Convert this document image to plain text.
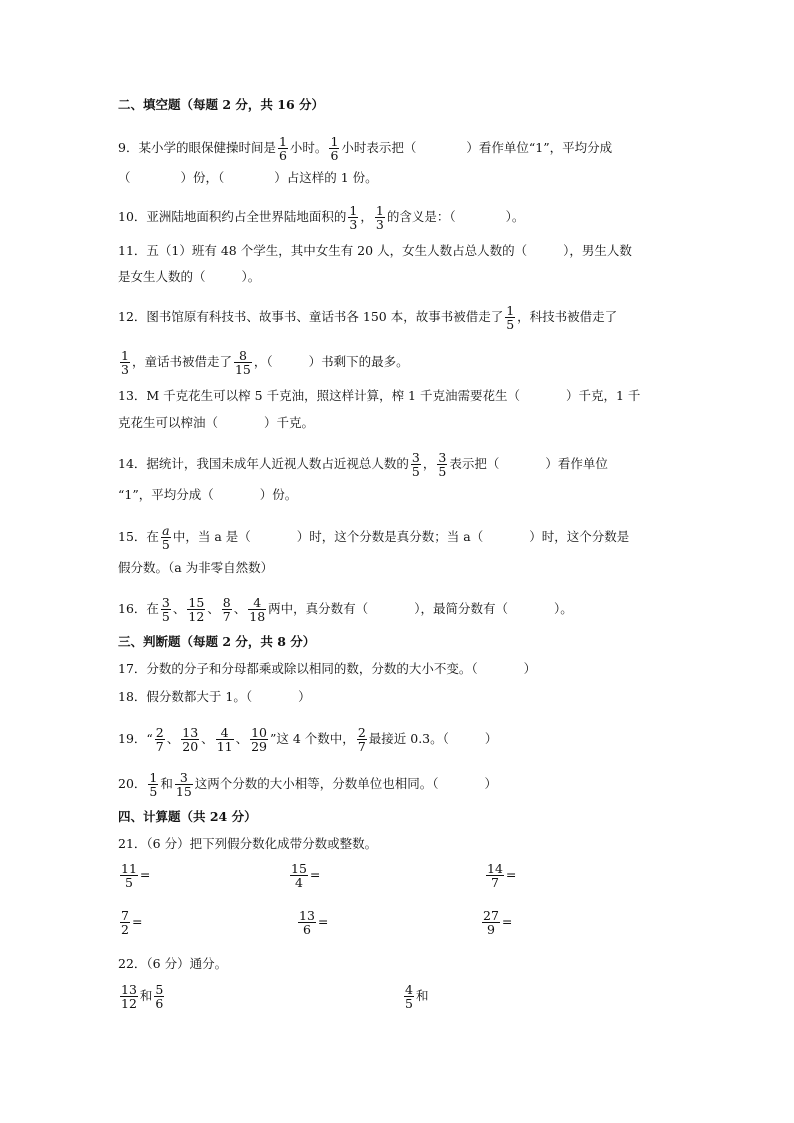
二、填空题（每题 2 分，共 16 分）
9．某小学的眼保健操时间是 $\frac{1}{6}$ 小时。 $\frac{1}{6}$ 小时表示把（	）看作单位“1”，平均分成
（	）份，（	）占这样的 1 份。
10．亚洲陆地面积约占全世界陆地面积的 $\frac{1}{3}$ ， $\frac{1}{3}$ 的含义是：（	）。
11．五（1）班有 48 个学生，其中女生有 20 人，女生人数占总人数的（	），男生人数
是女生人数的（	）。
12．图书馆原有科技书、故事书、童话书各 150 本，故事书被借走了 $\frac{1}{5}$ ，科技书被借走了
$\frac{1}{3}$ ，童话书被借走了 $\frac{8}{15}$ ，（	）书剩下的最多。
13．M 千克花生可以榨 5 千克油，照这样计算，榨 1 千克油需要花生（	）千克，1 千
克花生可以榨油（	）千克。
14．据统计，我国未成年人近视人数占近视总人数的 $\frac{3}{5}$ ， $\frac{3}{5}$ 表示把（	）看作单位
“1”，平均分成（	）份。
15．在 $\frac{a}{5}$ 中，当 a 是（	）时，这个分数是真分数；当 a（	）时，这个分数是
假分数。（a 为非零自然数）
16．在 $\frac{3}{5}$ 、 $\frac{15}{12}$ 、 $\frac{8}{7}$ 、 $\frac{4}{18}$ 两中，真分数有（	），最简分数有（	）。
三、判断题（每题 2 分，共 8 分）
17．分数的分子和分母都乘或除以相同的数，分数的大小不变。（	）
18．假分数都大于 1。（	）
19．“ $\frac{2}{7}$ 、 $\frac{13}{20}$ 、 $\frac{4}{11}$ 、 $\frac{10}{29}$ ”这 4 个数中， $\frac{2}{7}$ 最接近 0.3。（	）
20． $\frac{1}{5}$ 和 $\frac{3}{15}$ 这两个分数的大小相等，分数单位也相同。（	）
四、计算题（共 24 分）
21．（6 分）把下列假分数化成带分数或整数。
$\frac{11}{5}$ =	$\frac{15}{4}$ =	$\frac{14}{7}$ =
$\frac{7}{2}$ =	$\frac{13}{6}$ =	$\frac{27}{9}$ =
22．（6 分）通分。
$\frac{13}{12}$ 和 $\frac{5}{6}$	$\frac{4}{5}$ 和
